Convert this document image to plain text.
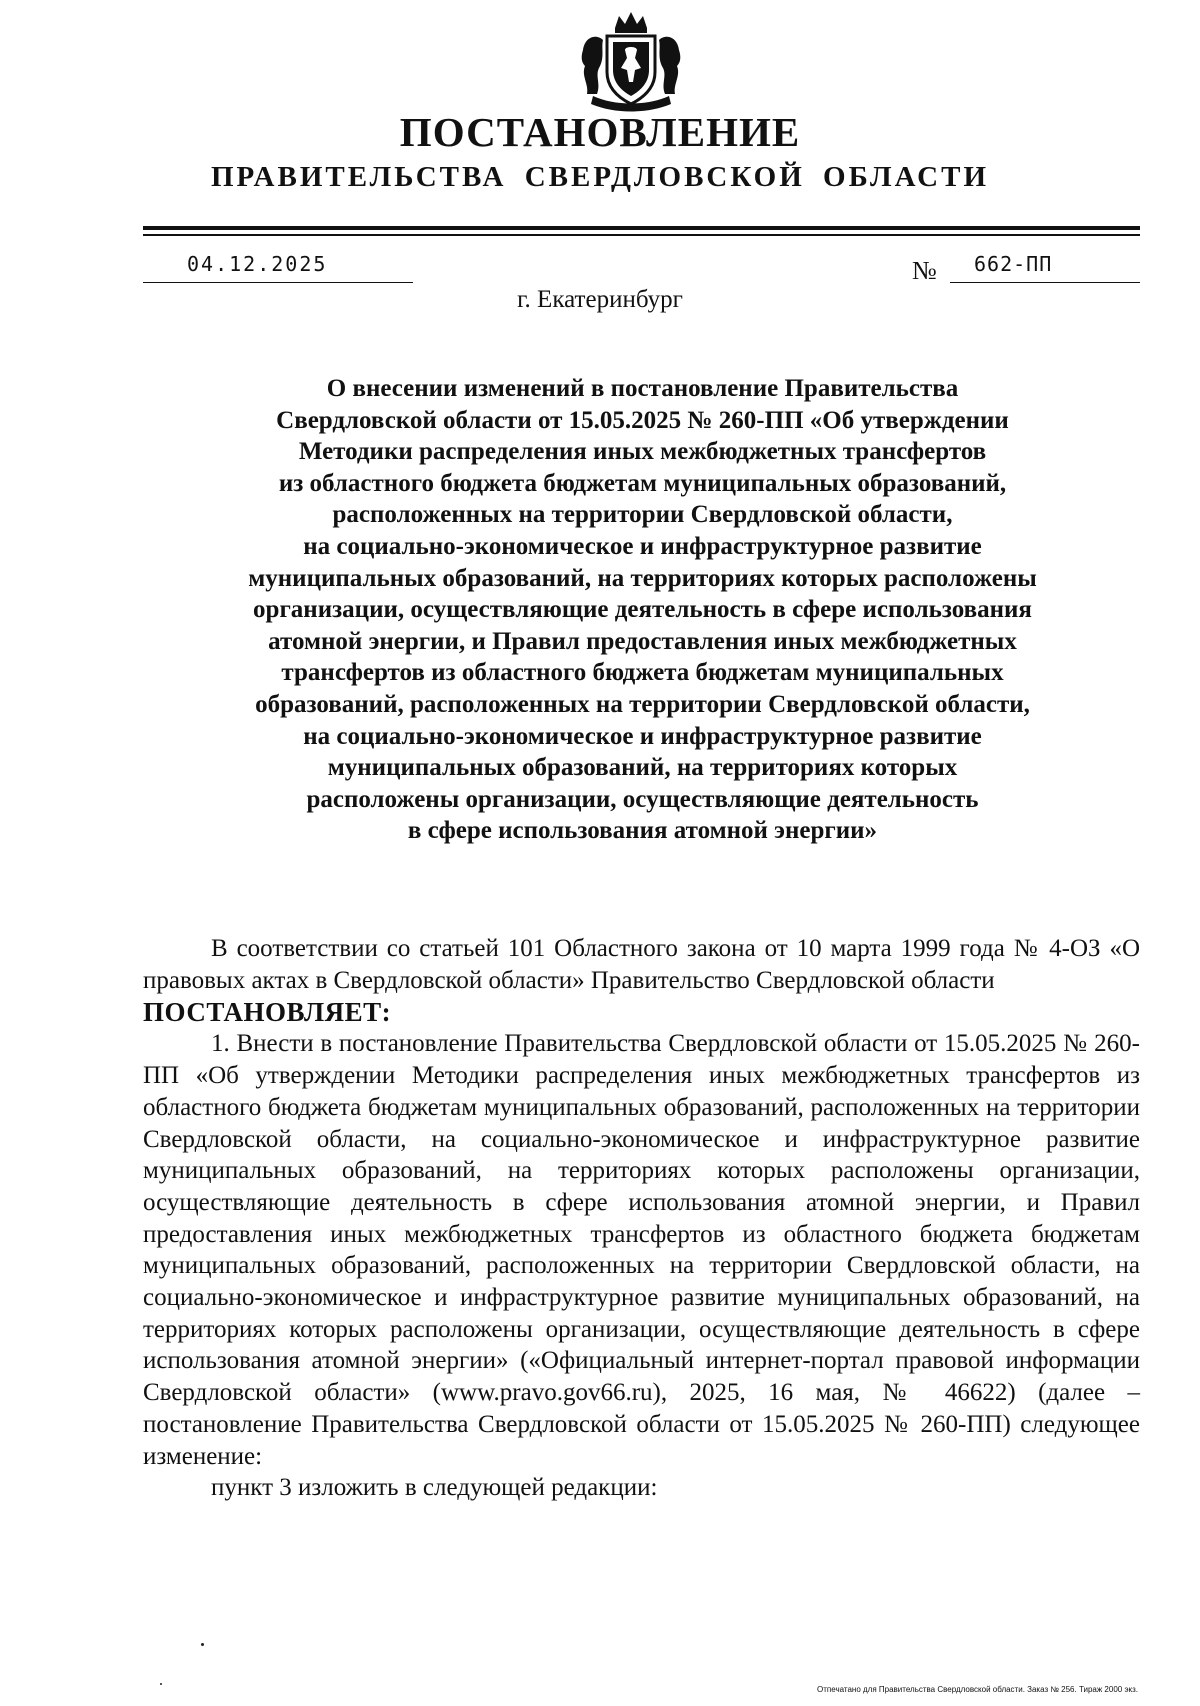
ПОСТАНОВЛЕНИЕ
ПРАВИТЕЛЬСТВА СВЕРДЛОВСКОЙ ОБЛАСТИ
04.12.2025	№ 662-ПП
г. Екатеринбург
О внесении изменений в постановление Правительства
Свердловской области от 15.05.2025 № 260-ПП «Об утверждении
Методики распределения иных межбюджетных трансфертов
из областного бюджета бюджетам муниципальных образований,
расположенных на территории Свердловской области,
на социально-экономическое и инфраструктурное развитие
муниципальных образований, на территориях которых расположены
организации, осуществляющие деятельность в сфере использования
атомной энергии, и Правил предоставления иных межбюджетных
трансфертов из областного бюджета бюджетам муниципальных
образований, расположенных на территории Свердловской области,
на социально-экономическое и инфраструктурное развитие
муниципальных образований, на территориях которых
расположены организации, осуществляющие деятельность
в сфере использования атомной энергии»

В соответствии со статьей 101 Областного закона от 10 марта 1999 года № 4-ОЗ «О правовых актах в Свердловской области» Правительство Свердловской области

ПОСТАНОВЛЯЕТ:

1. Внести в постановление Правительства Свердловской области от 15.05.2025 № 260-ПП «Об утверждении Методики распределения иных межбюджетных трансфертов из областного бюджета бюджетам муниципальных образований, расположенных на территории Свердловской области, на социально-экономическое и инфраструктурное развитие муниципальных образований, на территориях которых расположены организации, осуществляющие деятельность в сфере использования атомной энергии, и Правил предоставления иных межбюджетных трансфертов из областного бюджета бюджетам муниципальных образований, расположенных на территории Свердловской области, на социально-экономическое и инфраструктурное развитие муниципальных образований, на территориях которых расположены организации, осуществляющие деятельность в сфере использования атомной энергии» («Официальный интернет-портал правовой информации Свердловской области» (www.pravo.gov66.ru), 2025, 16 мая, № 46622) (далее – постановление Правительства Свердловской области от 15.05.2025 № 260-ПП) следующее изменение:

пункт 3 изложить в следующей редакции:

Отпечатано для Правительства Свердловской области. Заказ № 256. Тираж 2000 экз.
